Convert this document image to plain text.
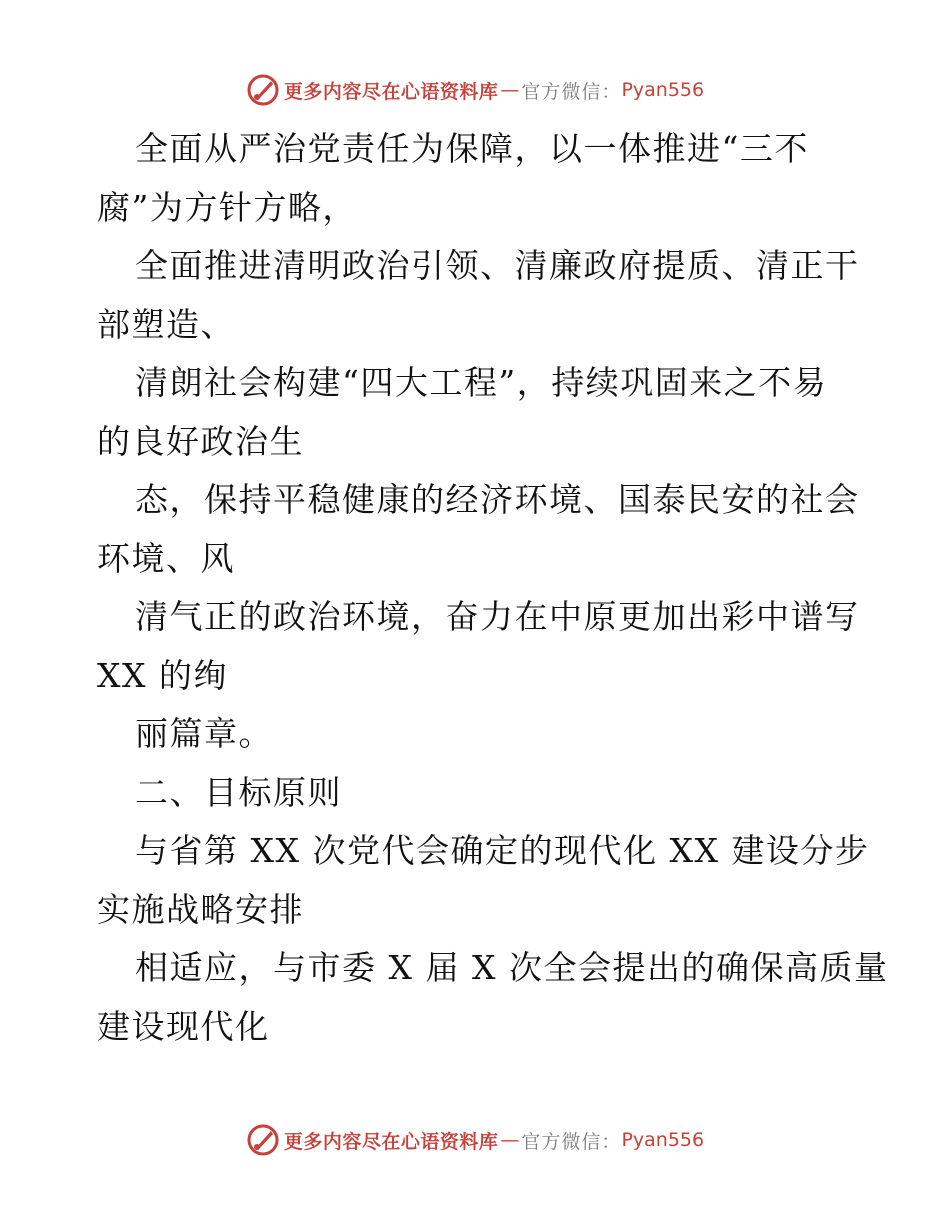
更多内容尽在心语资料库 — 官方微信： Pyan556
全面从严治党责任为保障，以一体推进“三不
腐”为方针方略，
全面推进清明政治引领、清廉政府提质、清正干
部塑造、
清朗社会构建“四大工程”，持续巩固来之不易
的良好政治生
态，保持平稳健康的经济环境、国泰民安的社会
环境、风
清气正的政治环境，奋力在中原更加出彩中谱写
XX 的绚
丽篇章。
二、目标原则
与省第 XX 次党代会确定的现代化 XX 建设分步
实施战略安排
相适应，与市委 X 届 X 次全会提出的确保高质量
建设现代化
更多内容尽在心语资料库 — 官方微信： Pyan556
